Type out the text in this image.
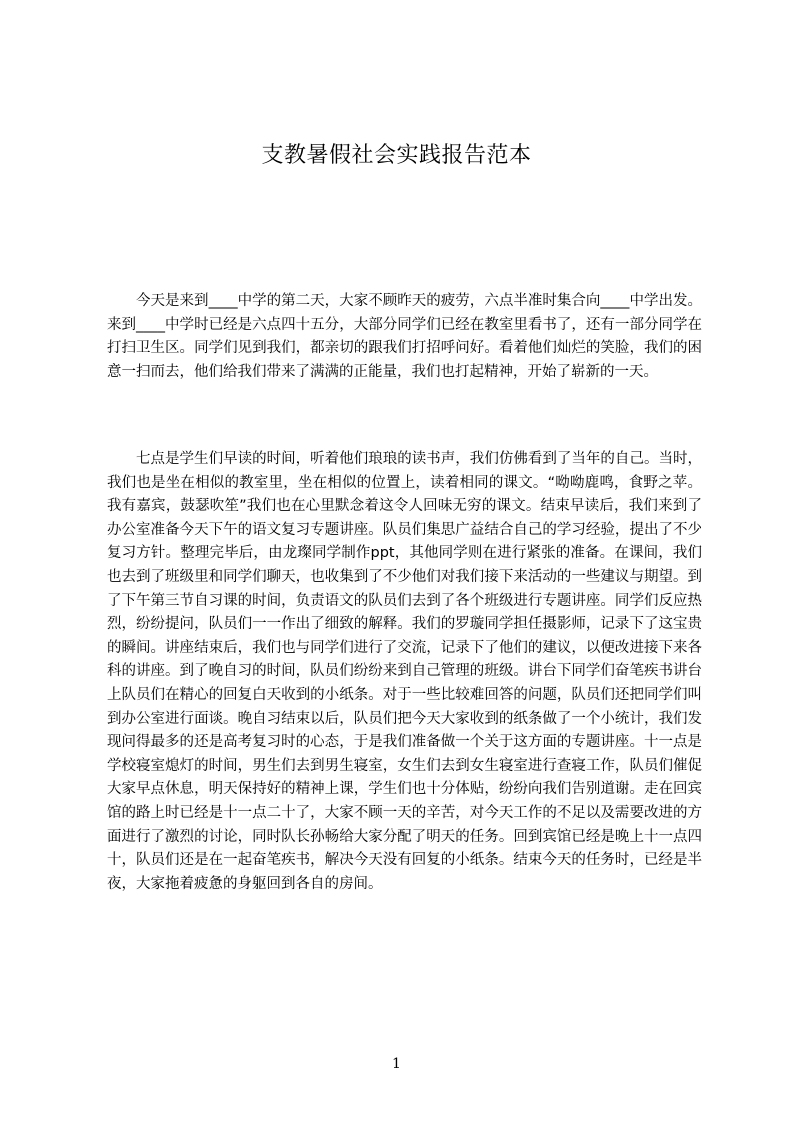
支教暑假社会实践报告范本

今天是来到____中学的第二天，大家不顾昨天的疲劳，六点半准时集合向____中学出发。来到____中学时已经是六点四十五分，大部分同学们已经在教室里看书了，还有一部分同学在打扫卫生区。同学们见到我们，都亲切的跟我们打招呼问好。看着他们灿烂的笑脸，我们的困意一扫而去，他们给我们带来了满满的正能量，我们也打起精神，开始了崭新的一天。

七点是学生们早读的时间，听着他们琅琅的读书声，我们仿佛看到了当年的自己。当时，我们也是坐在相似的教室里，坐在相似的位置上，读着相同的课文。“呦呦鹿鸣，食野之苹。我有嘉宾，鼓瑟吹笙”我们也在心里默念着这令人回味无穷的课文。结束早读后，我们来到了办公室准备今天下午的语文复习专题讲座。队员们集思广益结合自己的学习经验，提出了不少复习方针。整理完毕后，由龙璨同学制作ppt，其他同学则在进行紧张的准备。在课间，我们也去到了班级里和同学们聊天，也收集到了不少他们对我们接下来活动的一些建议与期望。到了下午第三节自习课的时间，负责语文的队员们去到了各个班级进行专题讲座。同学们反应热烈，纷纷提问，队员们一一作出了细致的解释。我们的罗璇同学担任摄影师，记录下了这宝贵的瞬间。讲座结束后，我们也与同学们进行了交流，记录下了他们的建议，以便改进接下来各科的讲座。到了晚自习的时间，队员们纷纷来到自己管理的班级。讲台下同学们奋笔疾书讲台上队员们在精心的回复白天收到的小纸条。对于一些比较难回答的问题，队员们还把同学们叫到办公室进行面谈。晚自习结束以后，队员们把今天大家收到的纸条做了一个小统计，我们发现问得最多的还是高考复习时的心态，于是我们准备做一个关于这方面的专题讲座。十一点是学校寝室熄灯的时间，男生们去到男生寝室，女生们去到女生寝室进行查寝工作，队员们催促大家早点休息，明天保持好的精神上课，学生们也十分体贴，纷纷向我们告别道谢。走在回宾馆的路上时已经是十一点二十了，大家不顾一天的辛苦，对今天工作的不足以及需要改进的方面进行了激烈的讨论，同时队长孙畅给大家分配了明天的任务。回到宾馆已经是晚上十一点四十，队员们还是在一起奋笔疾书，解决今天没有回复的小纸条。结束今天的任务时，已经是半夜，大家拖着疲惫的身躯回到各自的房间。

1
